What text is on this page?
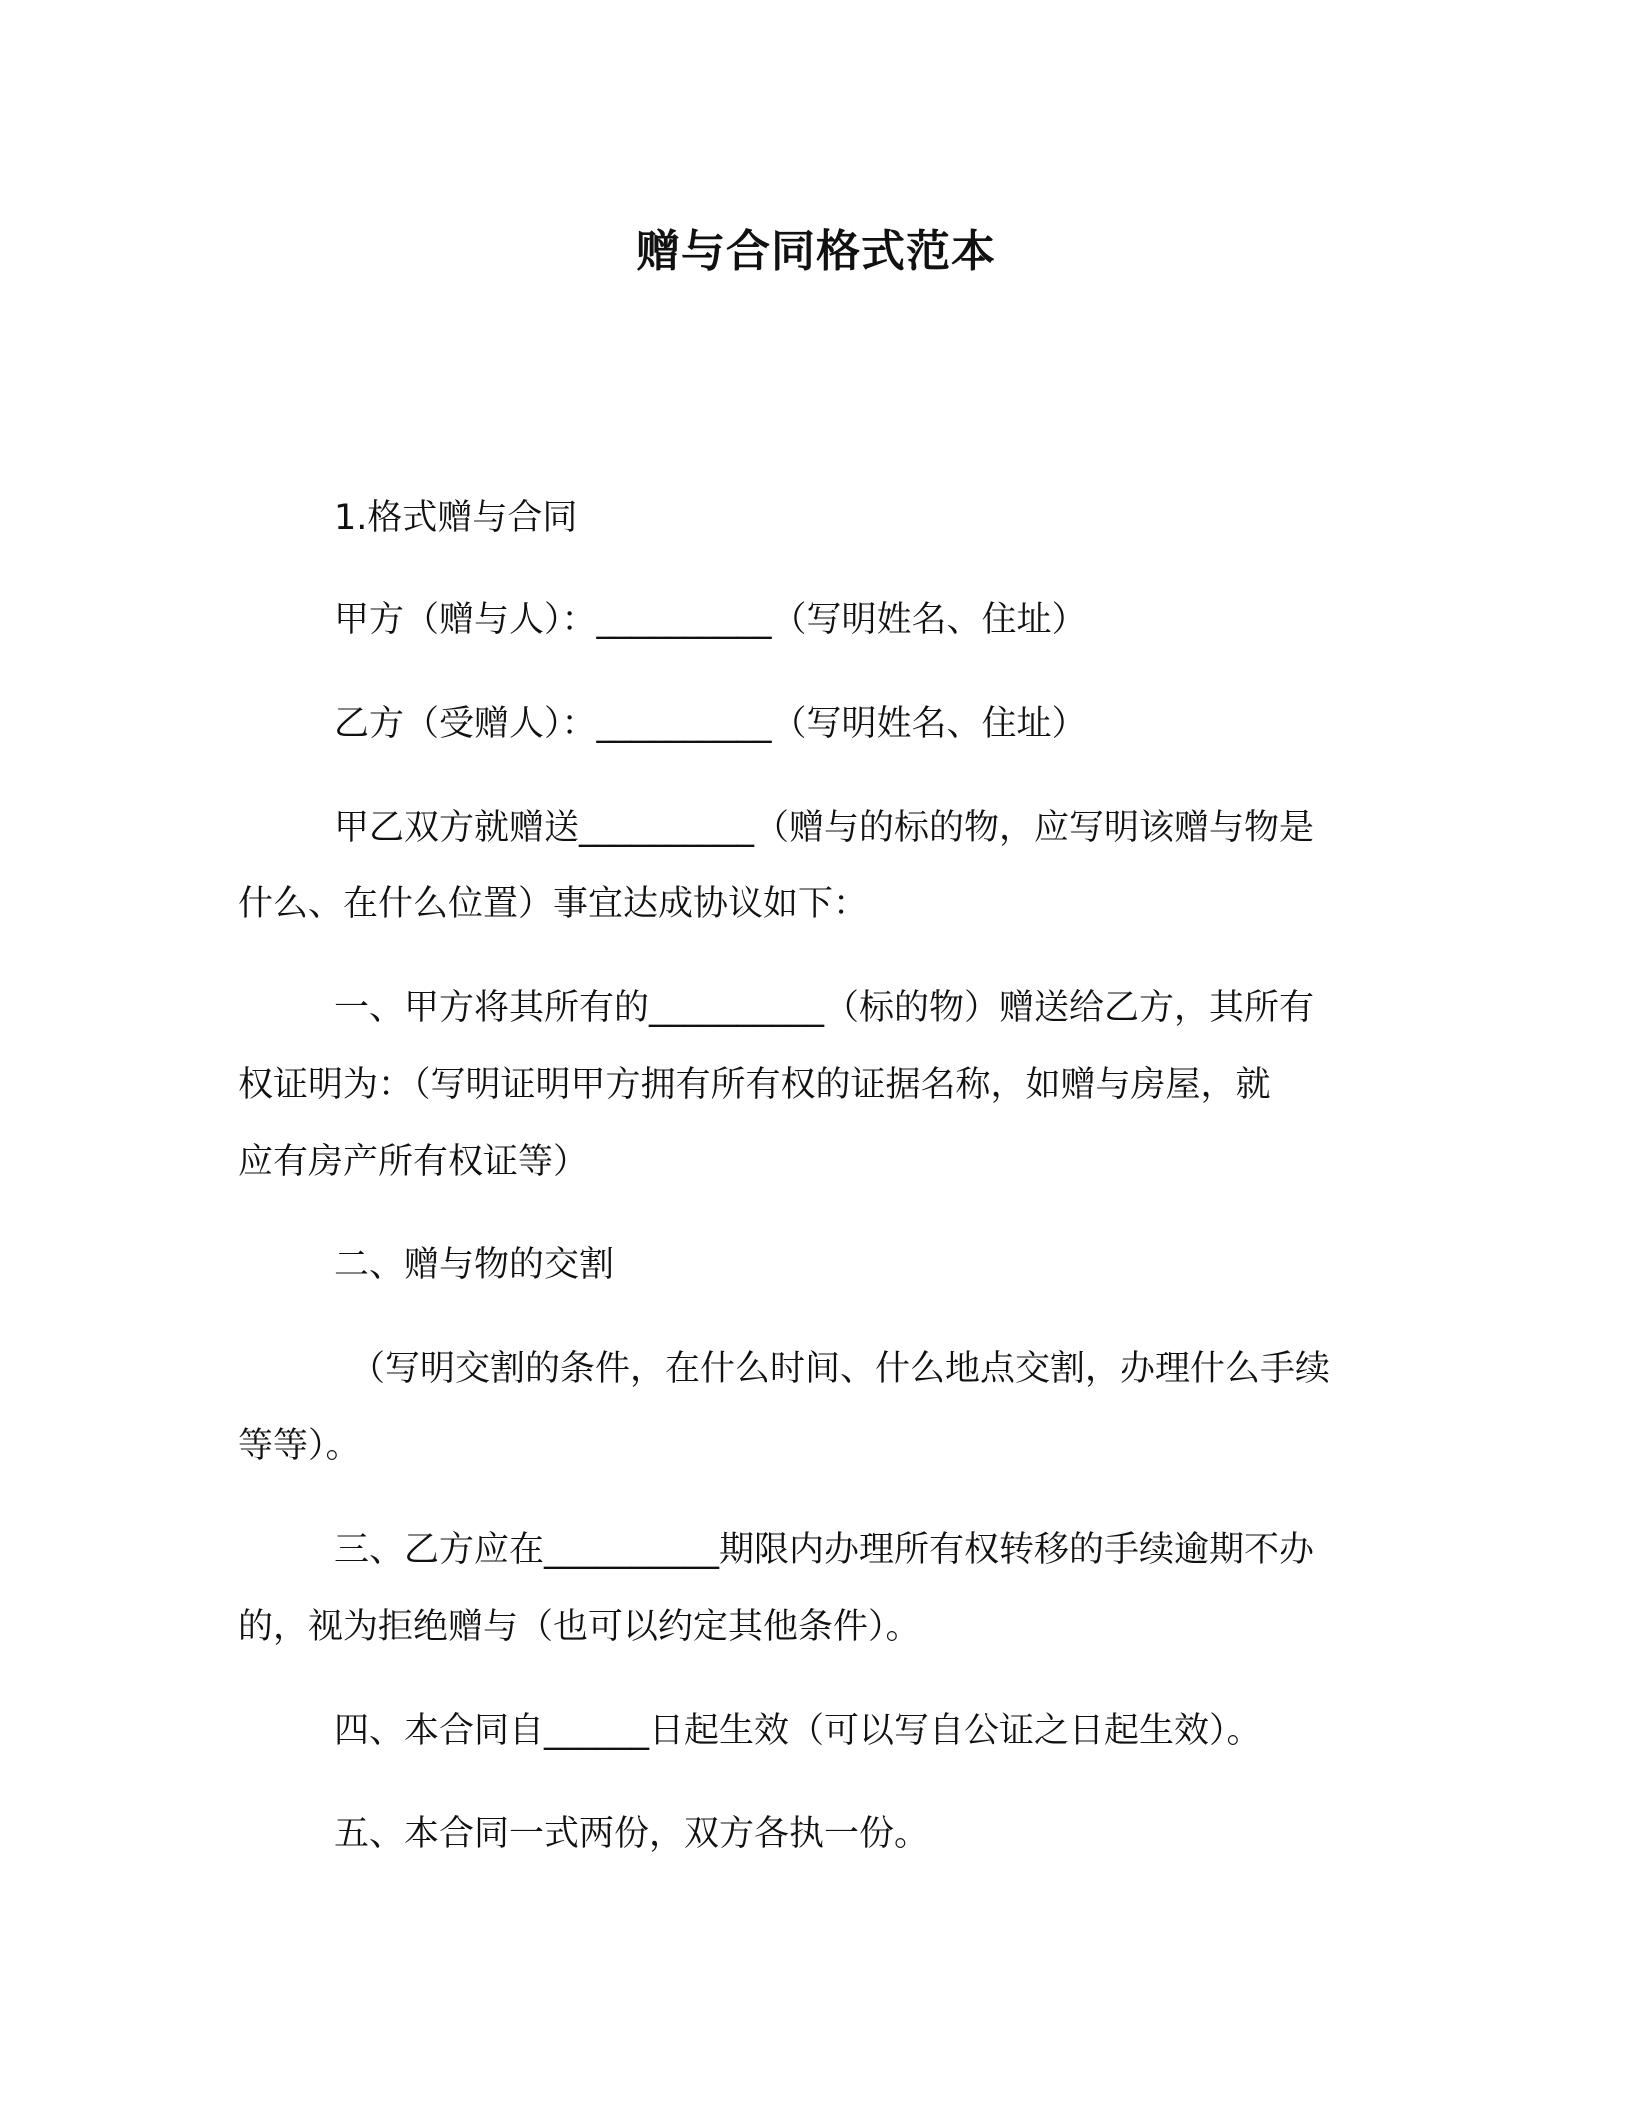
赠与合同格式范本
1.格式赠与合同
甲方（赠与人）：__________（写明姓名、住址）
乙方（受赠人）：__________（写明姓名、住址）
甲乙双方就赠送__________（赠与的标的物，应写明该赠与物是
什么、在什么位置）事宜达成协议如下：
一、甲方将其所有的__________（标的物）赠送给乙方，其所有
权证明为：（写明证明甲方拥有所有权的证据名称，如赠与房屋，就
应有房产所有权证等）
二、赠与物的交割
（写明交割的条件，在什么时间、什么地点交割，办理什么手续
等等）。
三、乙方应在__________期限内办理所有权转移的手续逾期不办
的，视为拒绝赠与（也可以约定其他条件）。
四、本合同自______日起生效（可以写自公证之日起生效）。
五、本合同一式两份，双方各执一份。
